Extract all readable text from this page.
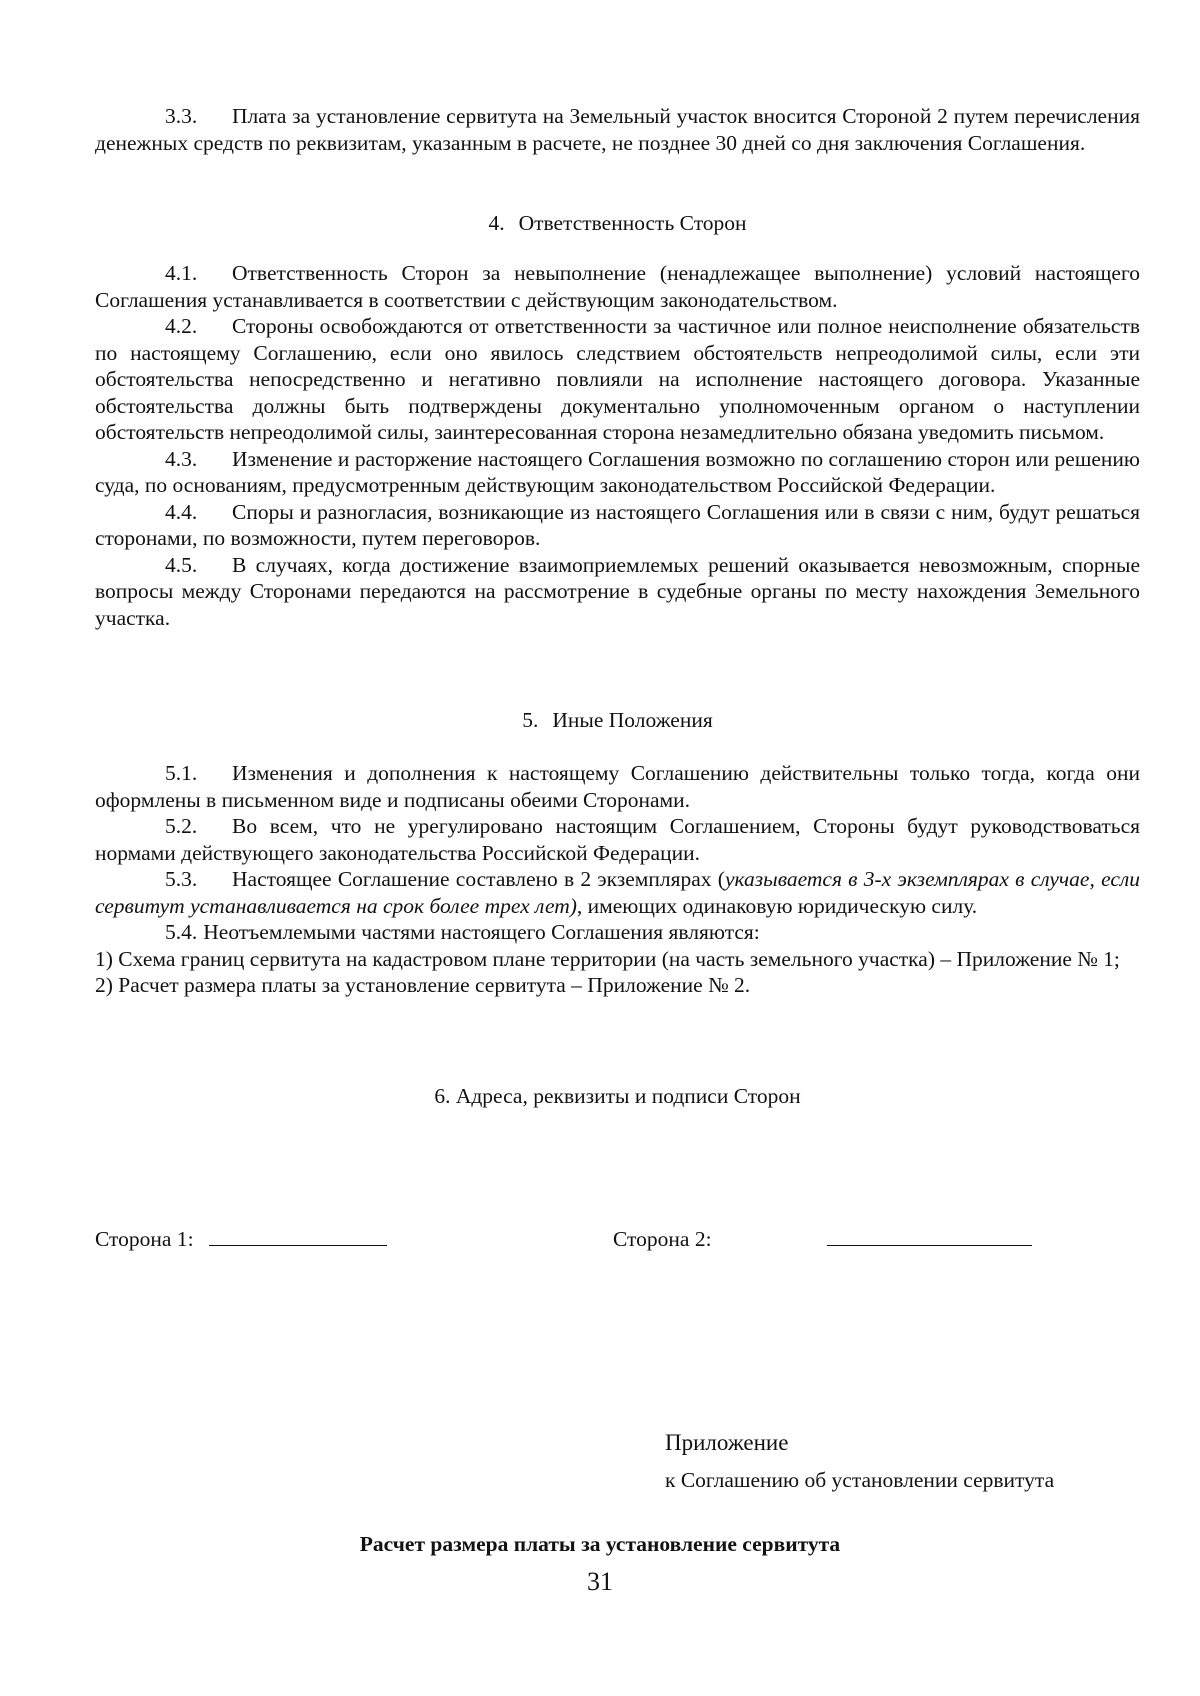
3.3. Плата за установление сервитута на Земельный участок вносится Стороной 2 путем перечисления денежных средств по реквизитам, указанным в расчете, не позднее 30 дней со дня заключения Соглашения.

4. Ответственность Сторон

4.1. Ответственность Сторон за невыполнение (ненадлежащее выполнение) условий настоящего Соглашения устанавливается в соответствии с действующим законодательством.

4.2. Стороны освобождаются от ответственности за частичное или полное неисполнение обязательств по настоящему Соглашению, если оно явилось следствием обстоятельств непреодолимой силы, если эти обстоятельства непосредственно и негативно повлияли на исполнение настоящего договора. Указанные обстоятельства должны быть подтверждены документально уполномоченным органом о наступлении обстоятельств непреодолимой силы, заинтересованная сторона незамедлительно обязана уведомить письмом.

4.3. Изменение и расторжение настоящего Соглашения возможно по соглашению сторон или решению суда, по основаниям, предусмотренным действующим законодательством Российской Федерации.

4.4. Споры и разногласия, возникающие из настоящего Соглашения или в связи с ним, будут решаться сторонами, по возможности, путем переговоров.

4.5. В случаях, когда достижение взаимоприемлемых решений оказывается невозможным, спорные вопросы между Сторонами передаются на рассмотрение в судебные органы по месту нахождения Земельного участка.

5. Иные Положения

5.1. Изменения и дополнения к настоящему Соглашению действительны только тогда, когда они оформлены в письменном виде и подписаны обеими Сторонами.

5.2. Во всем, что не урегулировано настоящим Соглашением, Стороны будут руководствоваться нормами действующего законодательства Российской Федерации.

5.3. Настоящее Соглашение составлено в 2 экземплярах (указывается в 3-х экземплярах в случае, если сервитут устанавливается на срок более трех лет), имеющих одинаковую юридическую силу.

5.4. Неотъемлемыми частями настоящего Соглашения являются:

1) Схема границ сервитута на кадастровом плане территории (на часть земельного участка) – Приложение № 1;

2) Расчет размера платы за установление сервитута – Приложение № 2.

6. Адреса, реквизиты и подписи Сторон

Сторона 1:	Сторона 2:
Приложение
к Соглашению об установлении сервитута
Расчет размера платы за установление сервитута
31
